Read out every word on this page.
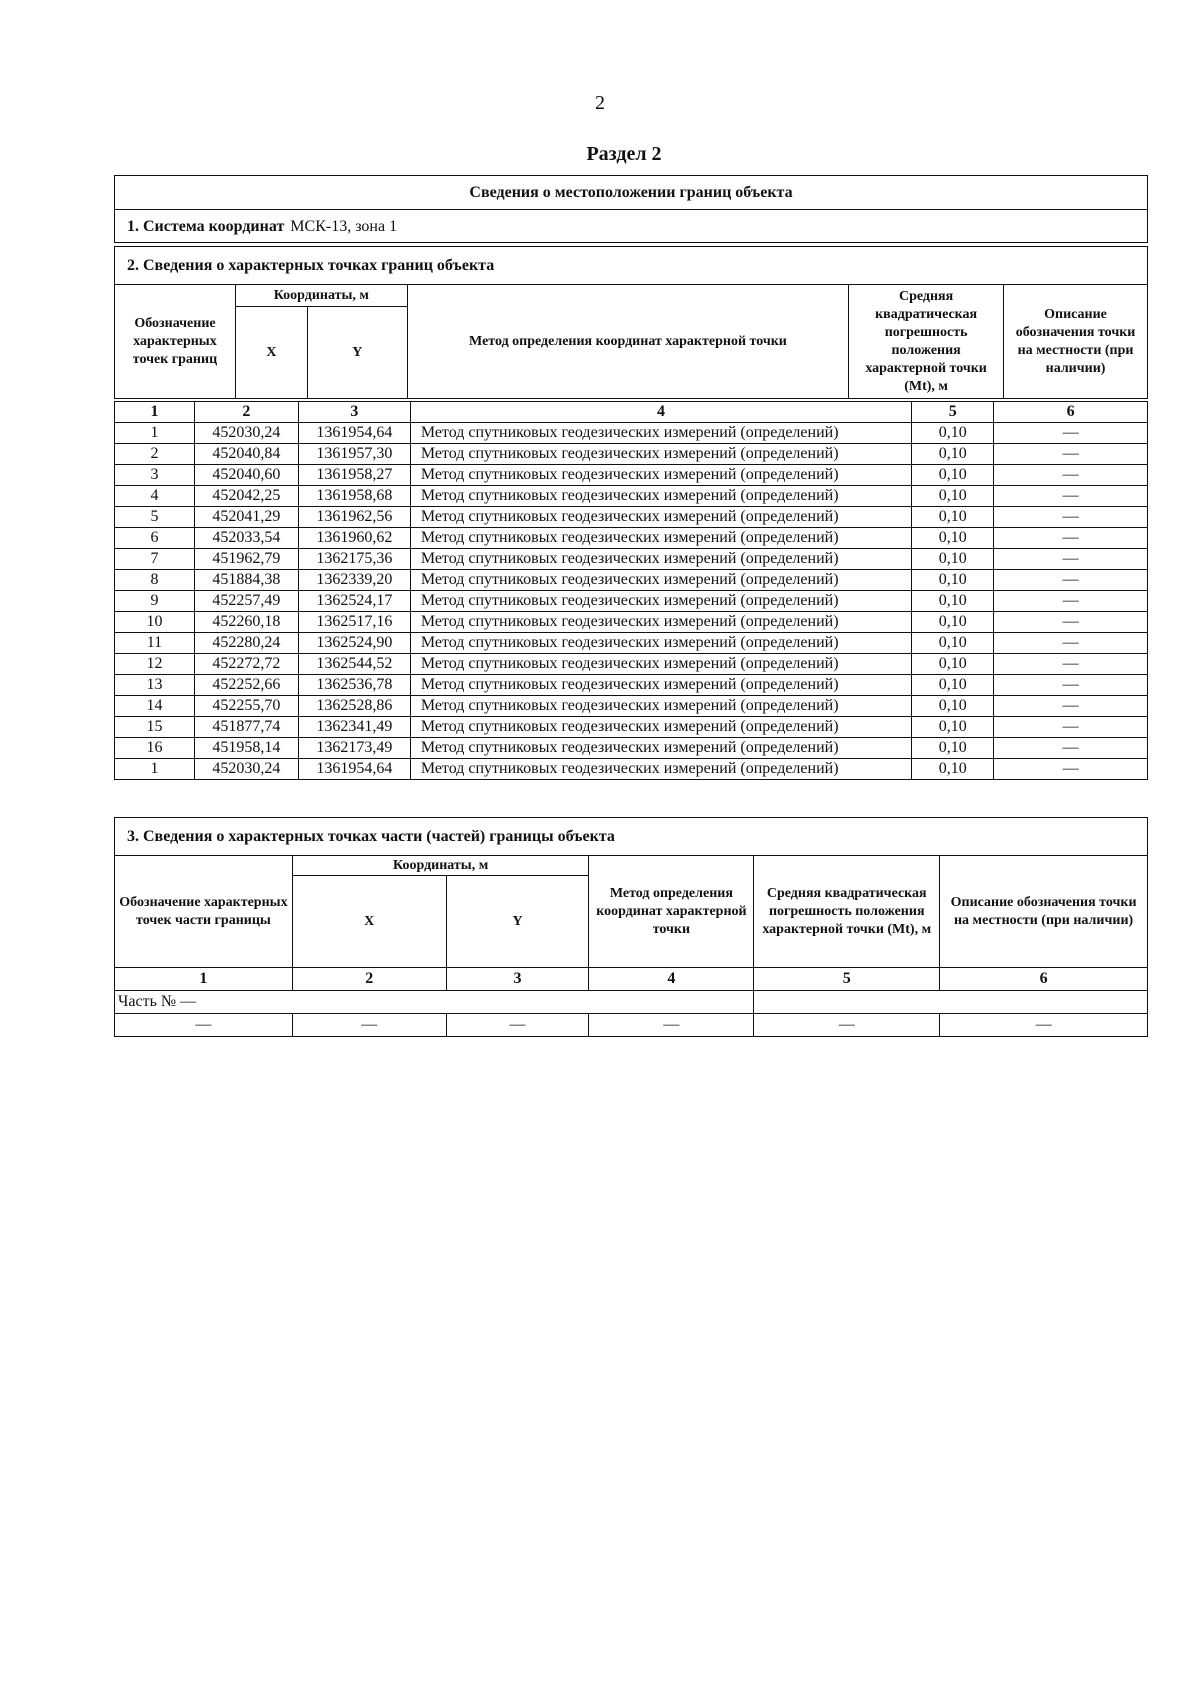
2
Раздел 2
Сведения о местоположении границ объекта
1. Система координат МСК-13, зона 1
2. Сведения о характерных точках границ объекта
Обозначение характерных точек границ	Координаты, м		Метод определения координат характерной точки	Средняя квадратическая погрешность положения характерной точки (Mt), м	Описание обозначения точки на местности (при наличии)
	X	Y			
1	2	3	4	5	6
1	452030,24	1361954,64	Метод спутниковых геодезических измерений (определений)	0,10	—
2	452040,84	1361957,30	Метод спутниковых геодезических измерений (определений)	0,10	—
3	452040,60	1361958,27	Метод спутниковых геодезических измерений (определений)	0,10	—
4	452042,25	1361958,68	Метод спутниковых геодезических измерений (определений)	0,10	—
5	452041,29	1361962,56	Метод спутниковых геодезических измерений (определений)	0,10	—
6	452033,54	1361960,62	Метод спутниковых геодезических измерений (определений)	0,10	—
7	451962,79	1362175,36	Метод спутниковых геодезических измерений (определений)	0,10	—
8	451884,38	1362339,20	Метод спутниковых геодезических измерений (определений)	0,10	—
9	452257,49	1362524,17	Метод спутниковых геодезических измерений (определений)	0,10	—
10	452260,18	1362517,16	Метод спутниковых геодезических измерений (определений)	0,10	—
11	452280,24	1362524,90	Метод спутниковых геодезических измерений (определений)	0,10	—
12	452272,72	1362544,52	Метод спутниковых геодезических измерений (определений)	0,10	—
13	452252,66	1362536,78	Метод спутниковых геодезических измерений (определений)	0,10	—
14	452255,70	1362528,86	Метод спутниковых геодезических измерений (определений)	0,10	—
15	451877,74	1362341,49	Метод спутниковых геодезических измерений (определений)	0,10	—
16	451958,14	1362173,49	Метод спутниковых геодезических измерений (определений)	0,10	—
1	452030,24	1361954,64	Метод спутниковых геодезических измерений (определений)	0,10	—
3. Сведения о характерных точках части (частей) границы объекта
Обозначение характерных точек части границы	Координаты, м		Метод определения координат характерной точки	Средняя квадратическая погрешность положения характерной точки (Mt), м	Описание обозначения точки на местности (при наличии)
	X	Y			
1	2	3	4	5	6
Часть № —					
—	—	—	—	—	—
